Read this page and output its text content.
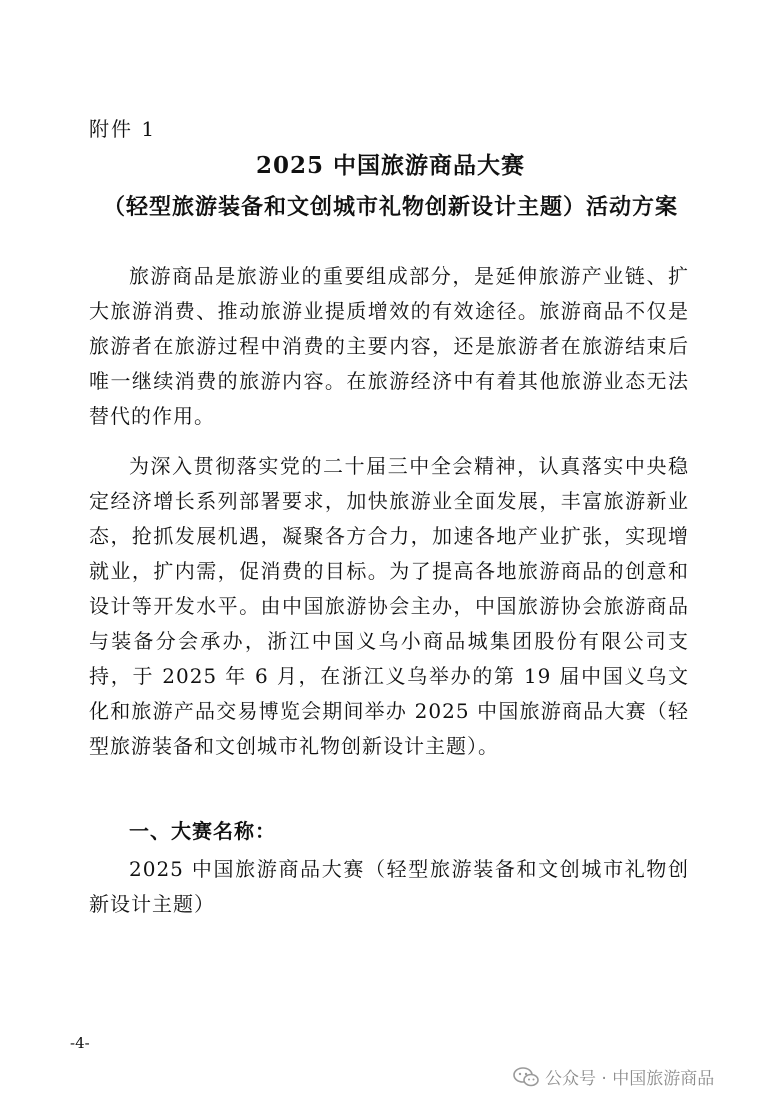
附件 1
2025 中国旅游商品大赛
（轻型旅游装备和文创城市礼物创新设计主题）活动方案

旅游商品是旅游业的重要组成部分，是延伸旅游产业链、扩大旅游消费、推动旅游业提质增效的有效途径。旅游商品不仅是旅游者在旅游过程中消费的主要内容，还是旅游者在旅游结束后唯一继续消费的旅游内容。在旅游经济中有着其他旅游业态无法替代的作用。

为深入贯彻落实党的二十届三中全会精神，认真落实中央稳定经济增长系列部署要求，加快旅游业全面发展，丰富旅游新业态，抢抓发展机遇，凝聚各方合力，加速各地产业扩张，实现增就业，扩内需，促消费的目标。为了提高各地旅游商品的创意和设计等开发水平。由中国旅游协会主办，中国旅游协会旅游商品与装备分会承办，浙江中国义乌小商品城集团股份有限公司支持，于 2025 年 6 月，在浙江义乌举办的第 19 届中国义乌文化和旅游产品交易博览会期间举办 2025 中国旅游商品大赛（轻型旅游装备和文创城市礼物创新设计主题）。

一、大赛名称：

2025 中国旅游商品大赛（轻型旅游装备和文创城市礼物创新设计主题）

-4-
公众号 · 中国旅游商品
